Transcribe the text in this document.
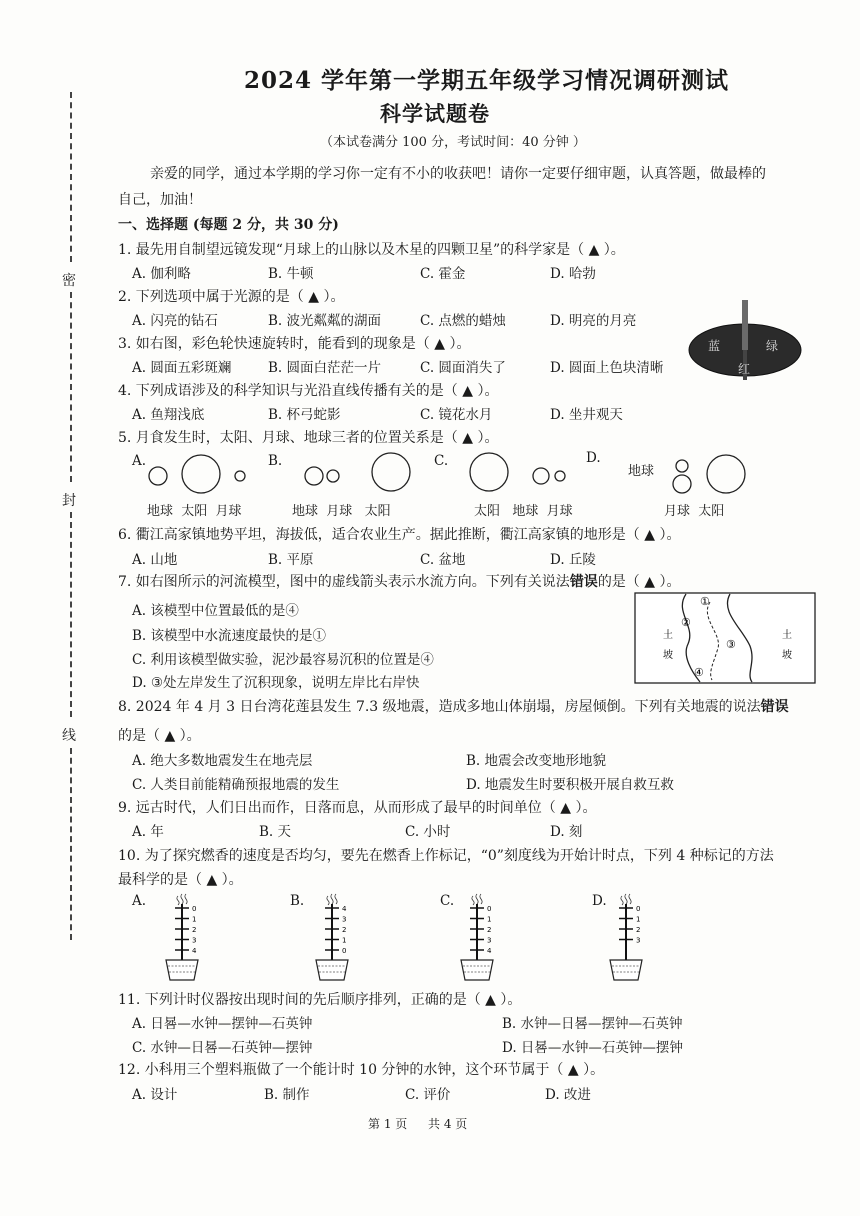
密
封
线
2024 学年第一学期五年级学习情况调研测试
科学试题卷
（本试卷满分 100 分，考试时间：40 分钟 ）
亲爱的同学，通过本学期的学习你一定有不小的收获吧！请你一定要仔细审题，认真答题，做最棒的
自己，加油！
一、选择题 (每题 2 分，共 30 分)
1. 最先用自制望远镜发现“月球上的山脉以及木星的四颗卫星”的科学家是（ ▲ ）。
A. 伽利略	B. 牛顿	C. 霍金	D. 哈勃
2. 下列选项中属于光源的是（ ▲ ）。
A. 闪亮的钻石	B. 波光粼粼的湖面	C. 点燃的蜡烛	D. 明亮的月亮
蓝	绿
红
3. 如右图，彩色轮快速旋转时，能看到的现象是（ ▲ ）。
A. 圆面五彩斑斓	B. 圆面白茫茫一片	C. 圆面消失了	D. 圆面上色块清晰
4. 下列成语涉及的科学知识与光沿直线传播有关的是（ ▲ ）。
A. 鱼翔浅底	B. 杯弓蛇影	C. 镜花水月	D. 坐井观天
5. 月食发生时，太阳、月球、地球三者的位置关系是（ ▲ ）。
A.	B.	C.	D.
地球  太阳  月球	地球  月球   太阳	太阳   地球  月球
地球
月球  太阳
6. 衢江高家镇地势平坦，海拔低，适合农业生产。据此推断，衢江高家镇的地形是（ ▲ ）。
A. 山地	B. 平原	C. 盆地	D. 丘陵
7. 如右图所示的河流模型，图中的虚线箭头表示水流方向。下列有关说法错误的是（ ▲ ）。
A. 该模型中位置最低的是④
B. 该模型中水流速度最快的是①
C. 利用该模型做实验，泥沙最容易沉积的位置是④
D. ③处左岸发生了沉积现象，说明左岸比右岸快
①
②
③
④
土
坡
土
坡
8. 2024 年 4 月 3 日台湾花莲县发生 7.3 级地震，造成多地山体崩塌，房屋倾倒。下列有关地震的说法错误
的是（ ▲ ）。
A. 绝大多数地震发生在地壳层	B. 地震会改变地形地貌
C. 人类目前能精确预报地震的发生	D. 地震发生时要积极开展自救互救
9. 远古时代，人们日出而作，日落而息，从而形成了最早的时间单位（ ▲ ）。
A. 年	B. 天	C. 小时	D. 刻
10. 为了探究燃香的速度是否均匀，要先在燃香上作标记，“0”刻度线为开始计时点，下列 4 种标记的方法
最科学的是（ ▲ ）。
A.	B.	C.	D.
0
1
2
3
4
4
3
2
1
0
0
1
2
3
4
0
1
2
3
11. 下列计时仪器按出现时间的先后顺序排列，正确的是（ ▲ ）。
A. 日晷—水钟—摆钟—石英钟	B. 水钟—日晷—摆钟—石英钟
C. 水钟—日晷—石英钟—摆钟	D. 日晷—水钟—石英钟—摆钟
12. 小科用三个塑料瓶做了一个能计时 10 分钟的水钟，这个环节属于（ ▲ ）。
A. 设计	B. 制作	C. 评价	D. 改进
第 1 页 共 4 页
